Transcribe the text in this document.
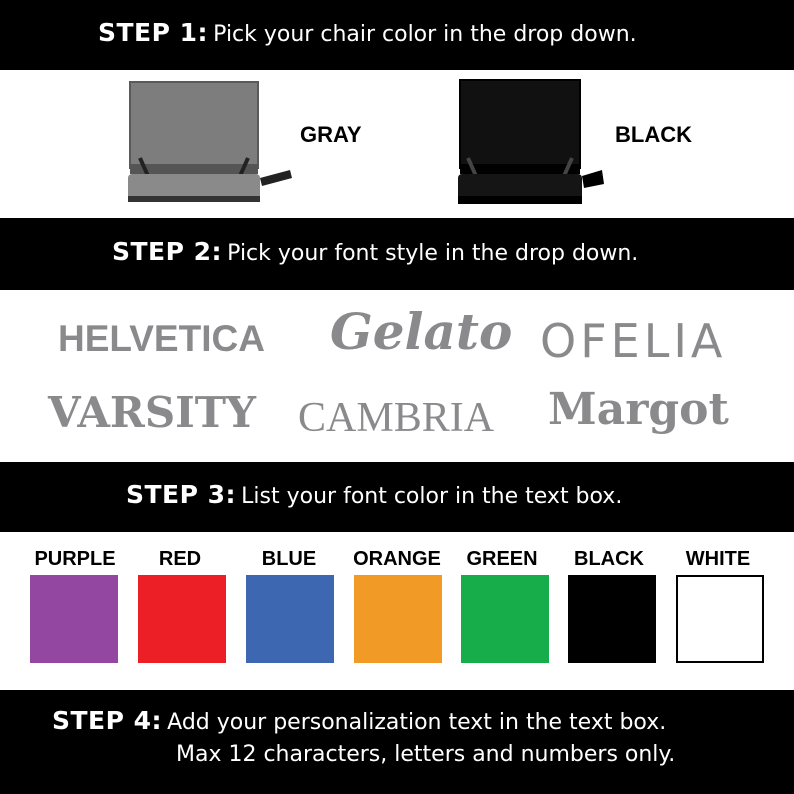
STEP 1: Pick your chair color in the drop down.
GRAY	BLACK
STEP 2: Pick your font style in the drop down.
HELVETICA Gelato OFELIA
VARSITY CAMBRIA Margot
STEP 3: List your font color in the text box.
PURPLE	RED	BLUE	ORANGE	GREEN	BLACK	WHITE
STEP 4: Add your personalization text in the text box.
Max 12 characters, letters and numbers only.
